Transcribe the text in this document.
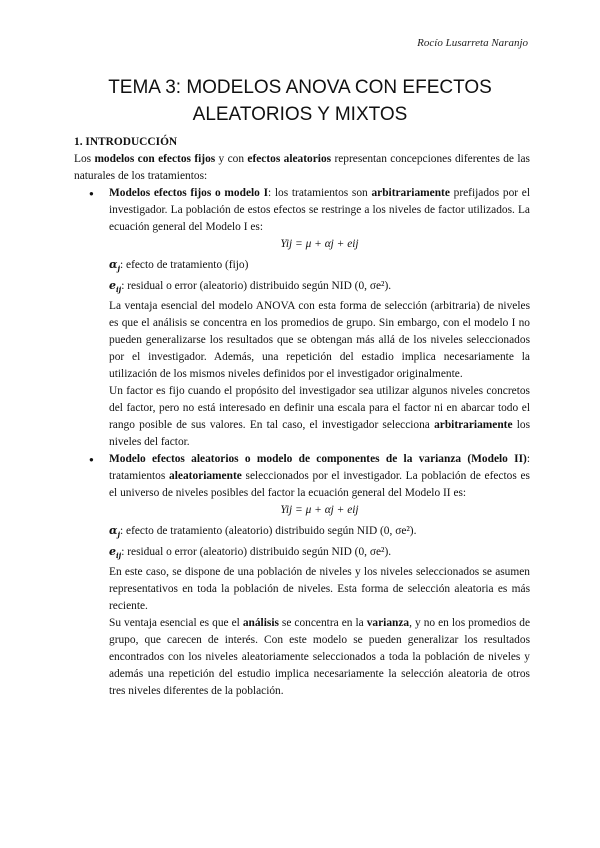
Rocío Lusarreta Naranjo
TEMA 3: MODELOS ANOVA CON EFECTOS
ALEATORIOS Y MIXTOS

1. INTRODUCCIÓN

Los modelos con efectos fijos y con efectos aleatorios representan concepciones diferentes de las naturales de los tratamientos:

● Modelos efectos fijos o modelo I: los tratamientos son arbitrariamente prefijados por el investigador. La población de estos efectos se restringe a los niveles de factor utilizados. La ecuación general del Modelo I es:

Yij = μ + αj + eij

$\alpha_j$: efecto de tratamiento (fijo)

$e_{ij}$: residual o error (aleatorio) distribuido según NID (0, σe²).

La ventaja esencial del modelo ANOVA con esta forma de selección (arbitraria) de niveles es que el análisis se concentra en los promedios de grupo. Sin embargo, con el modelo I no pueden generalizarse los resultados que se obtengan más allá de los niveles seleccionados por el investigador. Además, una repetición del estadio implica necesariamente la utilización de los mismos niveles definidos por el investigador originalmente.

Un factor es fijo cuando el propósito del investigador sea utilizar algunos niveles concretos del factor, pero no está interesado en definir una escala para el factor ni en abarcar todo el rango posible de sus valores. En tal caso, el investigador selecciona arbitrariamente los niveles del factor.

● Modelo efectos aleatorios o modelo de componentes de la varianza (Modelo II): tratamientos aleatoriamente seleccionados por el investigador. La población de efectos es el universo de niveles posibles del factor la ecuación general del Modelo II es:

Yij = μ + αj + eij

$\alpha_j$: efecto de tratamiento (aleatorio) distribuido según NID (0, σe²).

$e_{ij}$: residual o error (aleatorio) distribuido según NID (0, σe²).

En este caso, se dispone de una población de niveles y los niveles seleccionados se asumen representativos en toda la población de niveles. Esta forma de selección aleatoria es más reciente.

Su ventaja esencial es que el análisis se concentra en la varianza, y no en los promedios de grupo, que carecen de interés. Con este modelo se pueden generalizar los resultados encontrados con los niveles aleatoriamente seleccionados a toda la población de niveles y además una repetición del estudio implica necesariamente la selección aleatoria de otros tres niveles diferentes de la población.
